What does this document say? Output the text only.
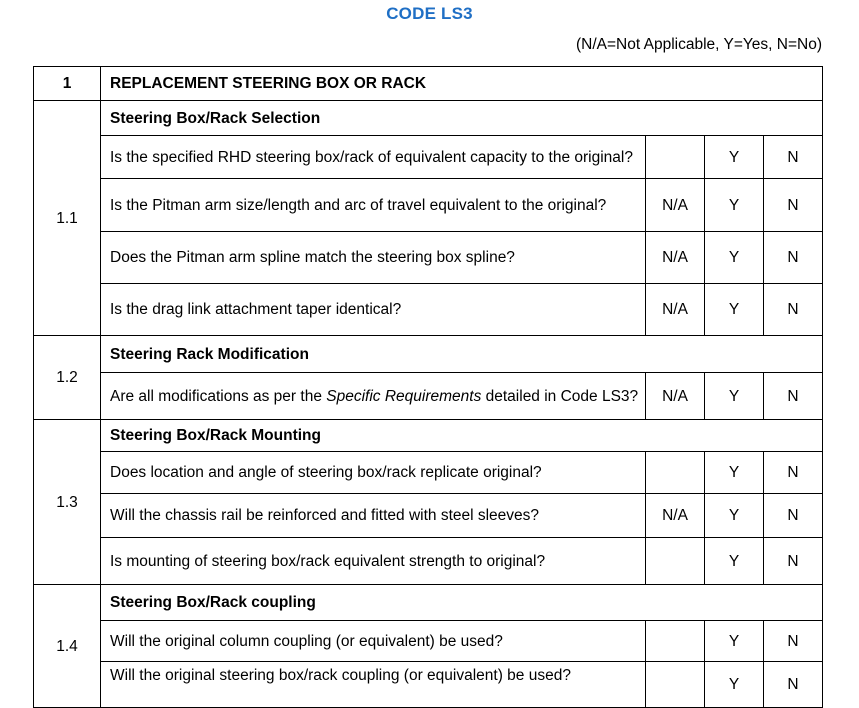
CODE LS3
(N/A=Not Applicable, Y=Yes, N=No)
1	REPLACEMENT STEERING BOX OR RACK			
1.1	Steering Box/Rack Selection			
	Is the specified RHD steering box/rack of equivalent capacity to the original?		Y	N
	Is the Pitman arm size/length and arc of travel equivalent to the original?	N/A	Y	N
	Does the Pitman arm spline match the steering box spline?	N/A	Y	N
	Is the drag link attachment taper identical?	N/A	Y	N
1.2	Steering Rack Modification			
	Are all modifications as per the Specific Requirements detailed in Code LS3?	N/A	Y	N
1.3	Steering Box/Rack Mounting			
	Does location and angle of steering box/rack replicate original?		Y	N
	Will the chassis rail be reinforced and fitted with steel sleeves?	N/A	Y	N
	Is mounting of steering box/rack equivalent strength to original?		Y	N
1.4	Steering Box/Rack coupling			
	Will the original column coupling (or equivalent) be used?		Y	N
	Will the original steering box/rack coupling (or equivalent) be used?		Y	N
